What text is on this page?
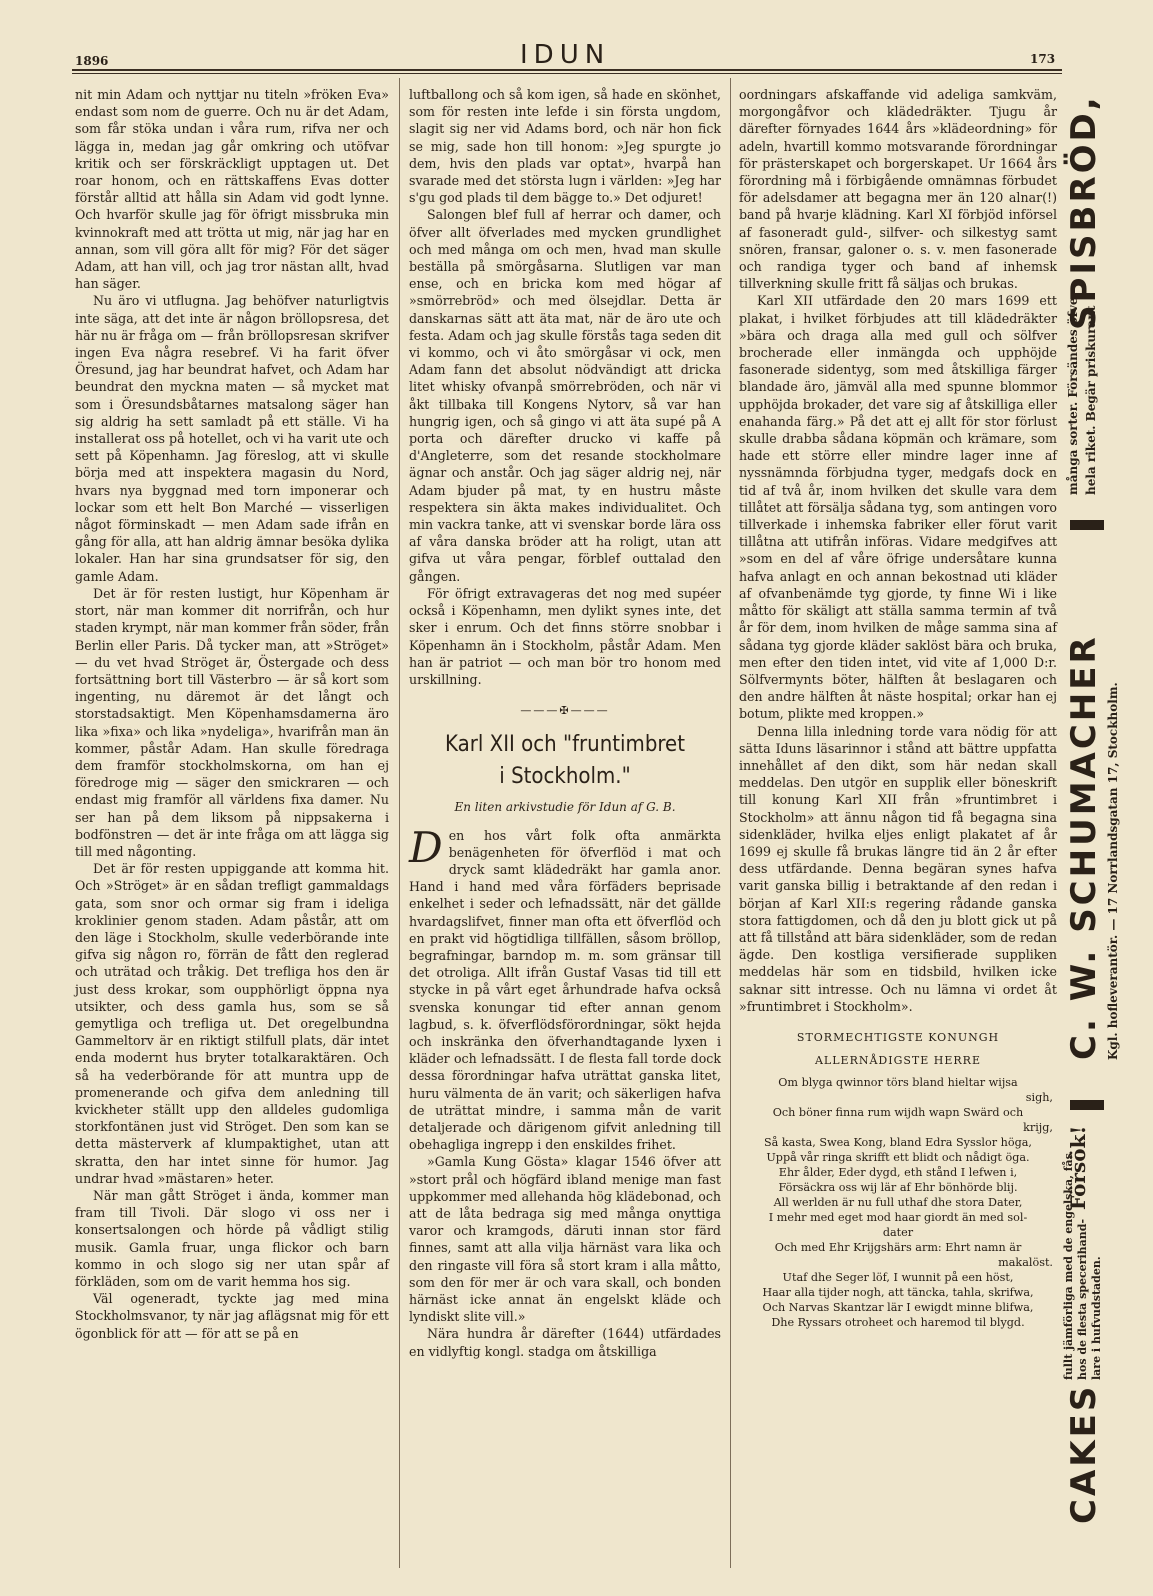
1896	IDUN	173

nit min Adam och nyttjar nu titeln »fröken Eva» endast som nom de guerre. Och nu är det Adam, som får stöka undan i våra rum, rifva ner och lägga in, medan jag går omkring och utöfvar kritik och ser förskräckligt upptagen ut. Det roar honom, och en rättskaffens Evas dotter förstår alltid att hålla sin Adam vid godt lynne. Och hvarför skulle jag för öfrigt missbruka min kvinnokraft med att trötta ut mig, när jag har en annan, som vill göra allt för mig? För det säger Adam, att han vill, och jag tror nästan allt, hvad han säger.

Nu äro vi utflugna. Jag behöfver naturligtvis inte säga, att det inte är någon bröllopsresa, det här nu är fråga om — från bröllopsresan skrifver ingen Eva några resebref. Vi ha farit öfver Öresund, jag har beundrat hafvet, och Adam har beundrat den myckna maten — så mycket mat som i Öresundsbåtarnes matsalong säger han sig aldrig ha sett samladt på ett ställe. Vi ha installerat oss på hotellet, och vi ha varit ute och sett på Köpenhamn. Jag föreslog, att vi skulle börja med att inspektera magasin du Nord, hvars nya byggnad med torn imponerar och lockar som ett helt Bon Marché — visserligen något förminskadt — men Adam sade ifrån en gång för alla, att han aldrig ämnar besöka dylika lokaler. Han har sina grundsatser för sig, den gamle Adam.

Det är för resten lustigt, hur Köpenham är stort, när man kommer dit norrifrån, och hur staden krympt, när man kommer från söder, från Berlin eller Paris. Då tycker man, att »Ströget» — du vet hvad Ströget är, Östergade och dess fortsättning bort till Västerbro — är så kort som ingenting, nu däremot är det långt och storstadsaktigt. Men Köpenhamsdamerna äro lika »fixa» och lika »nydeliga», hvarifrån man än kommer, påstår Adam. Han skulle föredraga dem framför stockholmskorna, om han ej föredroge mig — säger den smickraren — och endast mig framför all världens fixa damer. Nu ser han på dem liksom på nippsakerna i bodfönstren — det är inte fråga om att lägga sig till med någonting.

Det är för resten uppiggande att komma hit. Och »Ströget» är en sådan trefligt gammaldags gata, som snor och ormar sig fram i ideliga kroklinier genom staden. Adam påstår, att om den läge i Stockholm, skulle vederbörande inte gifva sig någon ro, förrän de fått den reglerad och uträtad och tråkig. Det trefliga hos den är just dess krokar, som oupphörligt öppna nya utsikter, och dess gamla hus, som se så gemytliga och trefliga ut. Det oregelbundna Gammeltorv är en riktigt stilfull plats, där intet enda modernt hus bryter totalkaraktären. Och så ha vederbörande för att muntra upp de promenerande och gifva dem anledning till kvickheter ställt upp den alldeles gudomliga storkfontänen just vid Ströget. Den som kan se detta mästerverk af klumpaktighet, utan att skratta, den har intet sinne för humor. Jag undrar hvad »mästaren» heter.

När man gått Ströget i ända, kommer man fram till Tivoli. Där slogo vi oss ner i konsertsalongen och hörde på vådligt stilig musik. Gamla fruar, unga flickor och barn kommo in och slogo sig ner utan spår af förkläden, som om de varit hemma hos sig.

Väl ogeneradt, tyckte jag med mina Stockholmsvanor, ty när jag aflägsnat mig för ett ögonblick för att — för att se på en

luftballong och så kom igen, så hade en skönhet, som för resten inte lefde i sin första ungdom, slagit sig ner vid Adams bord, och när hon fick se mig, sade hon till honom: »Jeg spurgte jo dem, hvis den plads var optat», hvarpå han svarade med det största lugn i världen: »Jeg har s'gu god plads til dem bägge to.» Det odjuret!

Salongen blef full af herrar och damer, och öfver allt öfverlades med mycken grundlighet och med många om och men, hvad man skulle beställa på smörgåsarna. Slutligen var man ense, och en bricka kom med högar af »smörrebröd» och med ölsejdlar. Detta är danskarnas sätt att äta mat, när de äro ute och festa. Adam och jag skulle förstås taga seden dit vi kommo, och vi åto smörgåsar vi ock, men Adam fann det absolut nödvändigt att dricka litet whisky ofvanpå smörrebröden, och när vi åkt tillbaka till Kongens Nytorv, så var han hungrig igen, och så gingo vi att äta supé på A porta och därefter drucko vi kaffe på d'Angleterre, som det resande stockholmare ägnar och anstår. Och jag säger aldrig nej, när Adam bjuder på mat, ty en hustru måste respektera sin äkta makes individualitet. Och min vackra tanke, att vi svenskar borde lära oss af våra danska bröder att ha roligt, utan att gifva ut våra pengar, förblef outtalad den gången.

För öfrigt extravageras det nog med supéer också i Köpenhamn, men dylikt synes inte, det sker i enrum. Och det finns större snobbar i Köpenhamn än i Stockholm, påstår Adam. Men han är patriot — och man bör tro honom med urskillning.

———✠———
Karl XII och "fruntimbret
i Stockholm."
En liten arkivstudie för Idun af G. B.

Den hos vårt folk ofta anmärkta benägenheten för öfverflöd i mat och dryck samt klädedräkt har gamla anor. Hand i hand med våra förfäders beprisade enkelhet i seder och lefnadssätt, när det gällde hvardagslifvet, finner man ofta ett öfverflöd och en prakt vid högtidliga tillfällen, såsom bröllop, begrafningar, barndop m. m. som gränsar till det otroliga. Allt ifrån Gustaf Vasas tid till ett stycke in på vårt eget århundrade hafva också svenska konungar tid efter annan genom lagbud, s. k. öfverflödsförordningar, sökt hejda och inskränka den öfverhandtagande lyxen i kläder och lefnadssätt. I de flesta fall torde dock dessa förordningar hafva uträttat ganska litet, huru välmenta de än varit; och säkerligen hafva de uträttat mindre, i samma mån de varit detaljerade och därigenom gifvit anledning till obehagliga ingrepp i den enskildes frihet.

»Gamla Kung Gösta» klagar 1546 öfver att »stort prål och högfärd ibland menige man fast uppkommer med allehanda hög klädebonad, och att de låta bedraga sig med många onyttiga varor och kramgods, däruti innan stor färd finnes, samt att alla vilja härnäst vara lika och den ringaste vill föra så stort kram i alla måtto, som den för mer är och vara skall, och bonden härnäst icke annat än engelskt kläde och lyndiskt slite vill.»

Nära hundra år därefter (1644) utfärdades en vidlyftig kongl. stadga om åtskilliga

oordningars afskaffande vid adeliga samkväm, morgongåfvor och klädedräkter. Tjugu år därefter förnyades 1644 års »klädeordning» för adeln, hvartill kommo motsvarande förordningar för prästerskapet och borgerskapet. Ur 1664 års förordning må i förbigående omnämnas förbudet för adelsdamer att begagna mer än 120 alnar(!) band på hvarje klädning. Karl XI förbjöd införsel af fasoneradt guld-, silfver- och silkestyg samt snören, fransar, galoner o. s. v. men fasonerade och randiga tyger och band af inhemsk tillverkning skulle fritt få säljas och brukas.

Karl XII utfärdade den 20 mars 1699 ett plakat, i hvilket förbjudes att till klädedräkter »bära och draga alla med gull och sölfver brocherade eller inmängda och upphöjde fasonerade sidentyg, som med åtskilliga färger blandade äro, jämväl alla med spunne blommor upphöjda brokader, det vare sig af åtskilliga eller enahanda färg.» På det att ej allt för stor förlust skulle drabba sådana köpmän och krämare, som hade ett större eller mindre lager inne af nyssnämnda förbjudna tyger, medgafs dock en tid af två år, inom hvilken det skulle vara dem tillåtet att försälja sådana tyg, som antingen voro tillverkade i inhemska fabriker eller förut varit tillåtna att utifrån införas. Vidare medgifves att »som en del af våre öfrige undersåtare kunna hafva anlagt en och annan bekostnad uti kläder af ofvanbenämde tyg gjorde, ty finne Wi i like måtto för skäligt att ställa samma termin af två år för dem, inom hvilken de måge samma sina af sådana tyg gjorde kläder saklöst bära och bruka, men efter den tiden intet, vid vite af 1,000 D:r. Sölfvermynts böter, hälften åt beslagaren och den andre hälften åt näste hospital; orkar han ej botum, plikte med kroppen.»

Denna lilla inledning torde vara nödig för att sätta Iduns läsarinnor i stånd att bättre uppfatta innehållet af den dikt, som här nedan skall meddelas. Den utgör en supplik eller böneskrift till konung Karl XII från »fruntimbret i Stockholm» att ännu någon tid få begagna sina sidenkläder, hvilka eljes enligt plakatet af år 1699 ej skulle få brukas längre tid än 2 år efter dess utfärdande. Denna begäran synes hafva varit ganska billig i betraktande af den redan i början af Karl XII:s regering rådande ganska stora fattigdomen, och då den ju blott gick ut på att få tillstånd att bära sidenkläder, som de redan ägde. Den kostliga versifierade suppliken meddelas här som en tidsbild, hvilken icke saknar sitt intresse. Och nu lämna vi ordet åt »fruntimbret i Stockholm».

STORMECHTIGSTE KONUNGH
ALLERNÅDIGSTE HERRE
Om blyga qwinnor törs bland hieltar wijsa
sigh,
Och böner finna rum wijdh wapn Swärd och
krijg,
Så kasta, Swea Kong, bland Edra Sysslor höga,
Uppå vår ringa skrifft ett blidt och nådigt öga.
Ehr ålder, Eder dygd, eth stånd I lefwen i,
Försäckra oss wij lär af Ehr bönhörde blij.
All werlden är nu full uthaf dhe stora Dater,
I mehr med eget mod haar giordt än med sol-
dater
Och med Ehr Krijgshärs arm: Ehrt namn är
makalöst.
Utaf dhe Seger löf, I wunnit på een höst,
Haar alla tijder nogh, att täncka, tahla, skrifwa,
Och Narvas Skantzar lär I ewigdt minne blifwa,
Dhe Ryssars otroheet och haremod til blygd.
CAKES
C. W. SCHUMACHER
SPISBRÖD,
fullt jämförliga med de engelska, fås hos de flesta specerihand- lare i hufvudstaden.
Försök!
Kgl. hofleverantör. — 17 Norrlandsgatan 17, Stockholm.
många sorter. Försändes öfver hela riket. Begär priskurant
